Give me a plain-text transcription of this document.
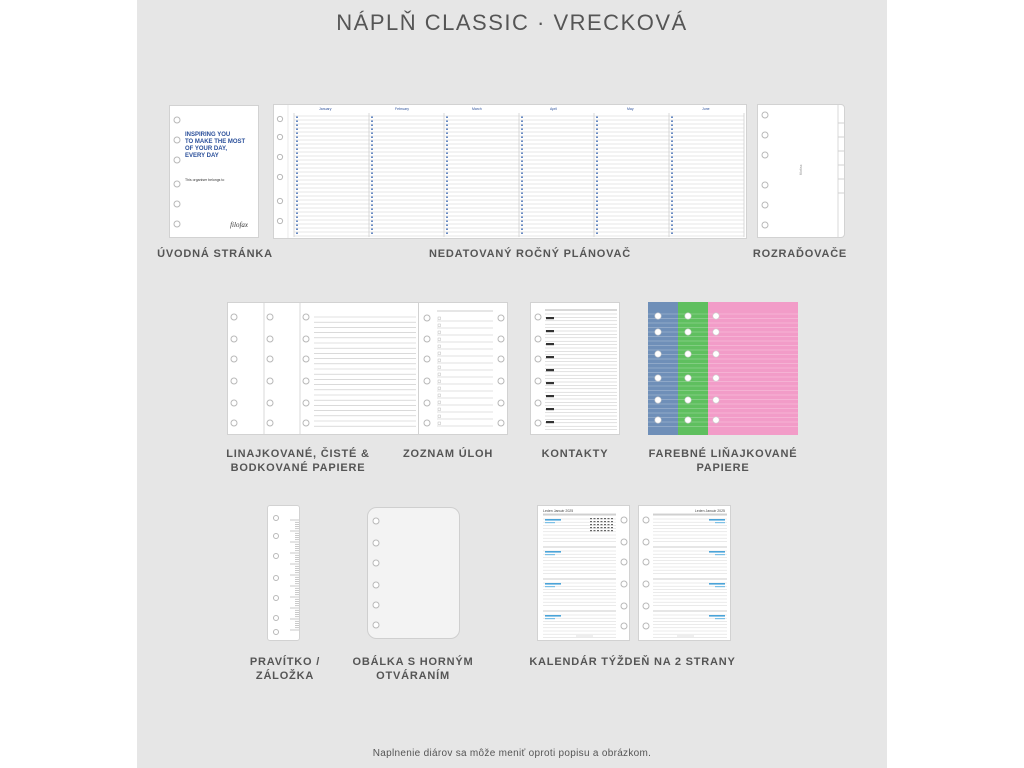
NÁPLŇ CLASSIC · VRECKOVÁ
INSPIRING YOU
TO MAKE THE MOST
OF YOUR DAY,
EVERY DAY
This organiser belongs to
filofax
ÚVODNÁ STRÁNKA
January	February	March	April	May	June
NEDATOVANÝ ROČNÝ PLÁNOVAČ
filofax
ROZRAĎOVAČE
LINAJKOVANÉ, ČISTÉ &
BODKOVANÉ PAPIERE
ZOZNAM ÚLOH	KONTAKTY	FAREBNÉ LIŇAJKOVANÉ
PAPIERE
PRAVÍTKO /
ZÁLOŽKA
OBÁLKA S HORNÝM
OTVÁRANÍM
Leden Január 2025	Leden Január 2025
KALENDÁR TÝŽDEŇ NA 2 STRANY
Naplnenie diárov sa môže meniť oproti popisu a obrázkom.
